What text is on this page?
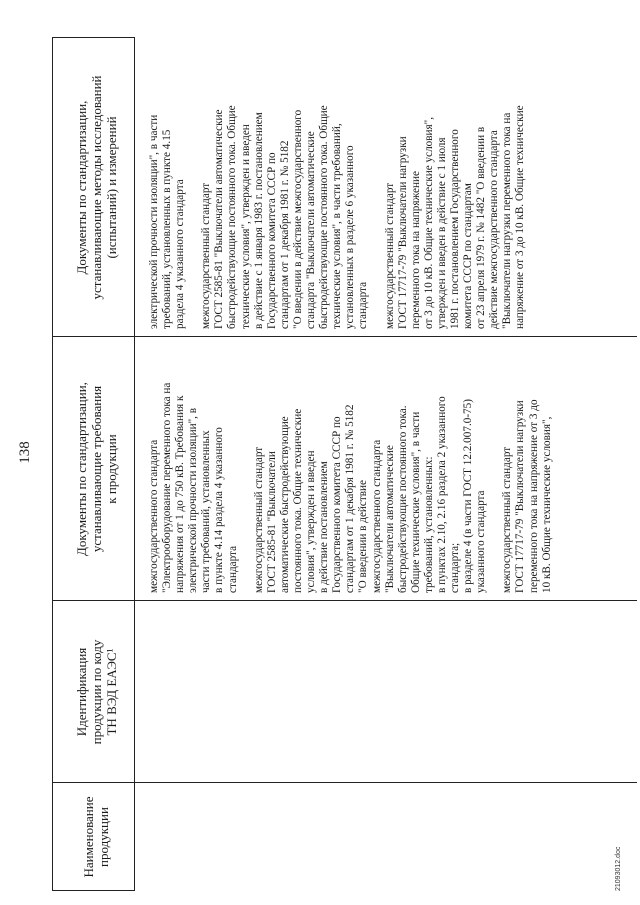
138
Наименование продукции
Идентификация
продукции по коду
ТН ВЭД ЕАЭС¹
Документы по стандартизации,
устанавливающие требования
к продукции
Документы по стандартизации,
устанавливающие методы исследований
(испытаний) и измерений

межгосударственного стандарта
"Электрооборудование переменного тока на
напряжения от 1 до 750 кВ. Требования к
электрической прочности изоляции", в
части требований, установленных
в пункте 4.14 раздела 4 указанного
стандарта межгосударственный стандарт
ГОСТ 2585-81 "Выключатели
автоматические быстродействующие
постоянного тока. Общие технические
условия", утвержден и введен
в действие постановлением
Государственного комитета СССР по
стандартам от 1 декабря 1981 г. № 5182
"О введении в действие
межгосударственного стандарта
"Выключатели автоматические
быстродействующие постоянного тока.
Общие технические условия", в части
требований, установленных:
в пунктах 2.10, 2.16 раздела 2 указанного
стандарта;
в разделе 4 (в части ГОСТ 12.2.007.0-75)
указанного стандарта межгосударственный стандарт
ГОСТ 17717-79 "Выключатели нагрузки
переменного тока на напряжение от 3 до
10 кВ. Общие технические условия",

электрической прочности изоляции", в части
требований, установленных в пункте 4.15
раздела 4 указанного стандарта

межгосударственный стандарт
ГОСТ 2585-81 "Выключатели автоматические
быстродействующие постоянного тока. Общие
технические условия", утвержден и введен
в действие с 1 января 1983 г. постановлением
Государственного комитета СССР по
стандартам от 1 декабря 1981 г. № 5182
"О введении в действие межгосударственного
стандарта "Выключатели автоматические
быстродействующие постоянного тока. Общие
технические условия", в части требований,
установленных в разделе 6 указанного
стандарта межгосударственный стандарт
ГОСТ 17717-79 "Выключатели нагрузки
переменного тока на напряжение
от 3 до 10 кВ. Общие технические условия",
утвержден и введен в действие с 1 июля
1981 г. постановлением Государственного
комитета СССР по стандартам
от 23 апреля 1979 г. № 1482 "О введении в
действие межгосударственного стандарта
"Выключатели нагрузки переменного тока на
напряжение от 3 до 10 кВ. Общие технические

21093012.doc
